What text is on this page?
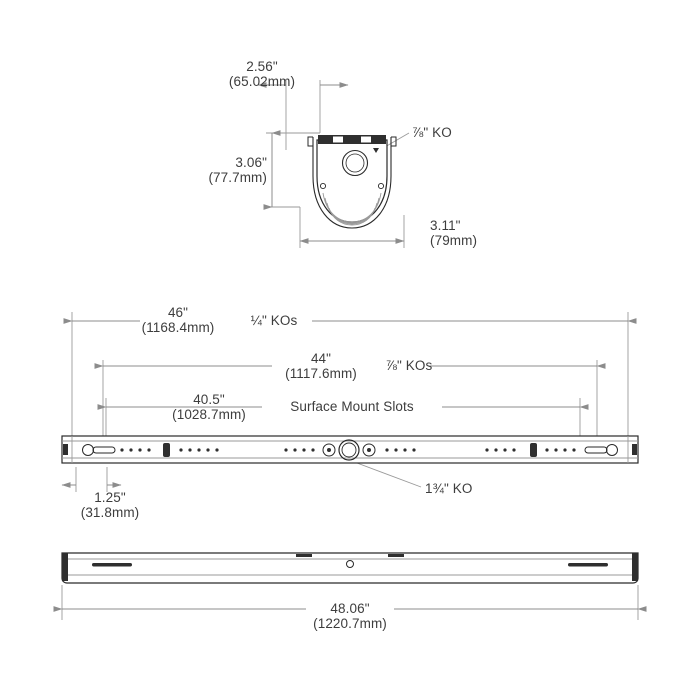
2.56"
(65.02mm)
3.06"
(77.7mm)
3.11"
(79mm)
⅞" KO
46"
(1168.4mm)	¼" KOs
44"
(1117.6mm)
⅞" KOs
40.5"
(1028.7mm)
Surface Mount Slots
1.25"
(31.8mm)
1¾" KO
48.06"
(1220.7mm)
